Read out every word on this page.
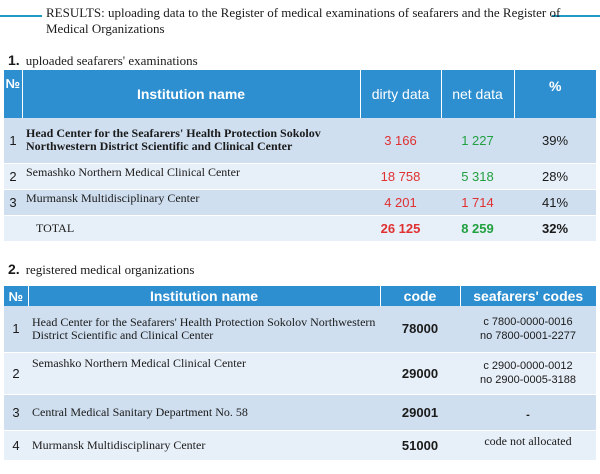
RESULTS: uploading data to the Register of medical examinations of seafarers and the Register of Medical Organizations
1. uploaded seafarers' examinations
№	Institution name	dirty data	net data	%
1	Head Center for the Seafarers' Health Protection Sokolov Northwestern District Scientific and Clinical Center	3 166	1 227	39%
2	Semashko Northern Medical Clinical Center	18 758	5 318	28%
3	Murmansk Multidisciplinary Center	4 201	1 714	41%
	TOTAL	26 125	8 259	32%
2. registered medical organizations
№	Institution name	code	seafarers' codes
1	Head Center for the Seafarers' Health Protection Sokolov Northwestern District Scientific and Clinical Center	78000	с 7800-0000-0016
no 7800-0001-2277

2	Semashko Northern Medical Clinical Center	29000	с 2900-0000-0012
no 2900-0005-3188

3	Central Medical Sanitary Department No. 58	29001	-
4	Murmansk Multidisciplinary Center	51000	code not allocated
